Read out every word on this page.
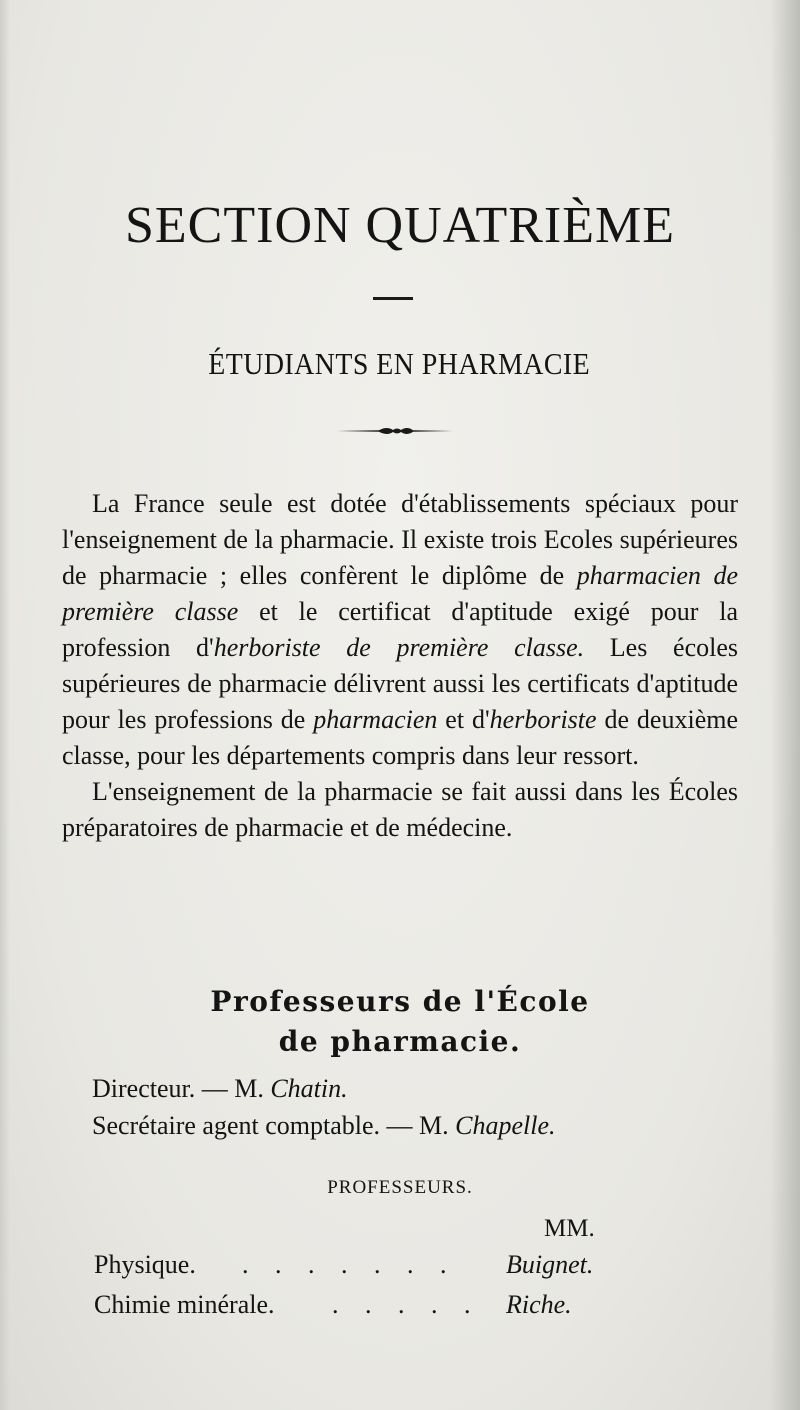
SECTION QUATRIÈME
ÉTUDIANTS EN PHARMACIE

La France seule est dotée d'établissements spéciaux pour l'enseignement de la pharmacie. Il existe trois Ecoles supérieures de pharmacie ; elles confèrent le diplôme de pharmacien de première classe et le certificat d'aptitude exigé pour la profession d'herboriste de première classe. Les écoles supérieures de pharmacie délivrent aussi les certificats d'aptitude pour les professions de pharmacien et d'herboriste de deuxième classe, pour les départements compris dans leur ressort.

L'enseignement de la pharmacie se fait aussi dans les Écoles préparatoires de pharmacie et de médecine.

Professeurs de l'École
de pharmacie.
Directeur. — M. Chatin.
Secrétaire agent comptable. — M. Chapelle.
PROFESSEURS.
MM.
Physique. . . . . . . . Buignet.
Chimie minérale. . . . . . Riche.
